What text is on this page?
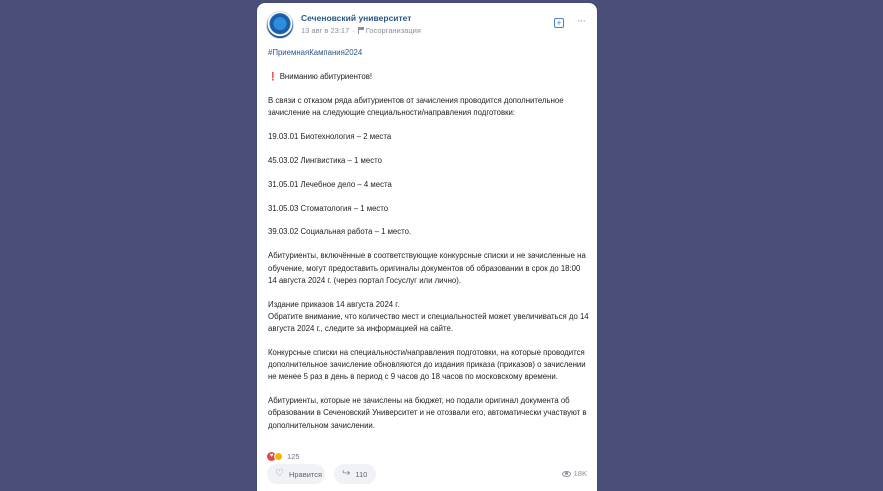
Сеченовский университет
13 авг в 23:17 · Госорганизация
+ ···

#ПриемнаяКампания2024

❗ Вниманию абитуриентов!

В связи с отказом ряда абитуриентов от зачисления проводится дополнительное зачисление на следующие специальности/направления подготовки:

19.03.01 Биотехнология – 2 места

45.03.02 Лингвистика – 1 место

31.05.01 Лечебное дело – 4 места

31.05.03 Стоматология – 1 место

39.03.02 Социальная работа – 1 место.

Абитуриенты, включённые в соответствующие конкурсные списки и не зачисленные на обучение, могут предоставить оригиналы документов об образовании в срок до 18:00 14 августа 2024 г. (через портал Госуслуг или лично).

Издание приказов 14 августа 2024 г.

Обратите внимание, что количество мест и специальностей может увеличиваться до 14 августа 2024 г., следите за информацией на сайте.

Конкурсные списки на специальности/направления подготовки, на которые проводится дополнительное зачисление обновляются до издания приказа (приказов) о зачислении не менее 5 раз в день в период с 9 часов до 18 часов по московскому времени.

Абитуриенты, которые не зачислены на бюджет, но подали оригинал документа об образовании в Сеченовский Университет и не отозвали его, автоматически участвуют в дополнительном зачислении.

♥	125
♡ Нравится ↪ 110	18K
